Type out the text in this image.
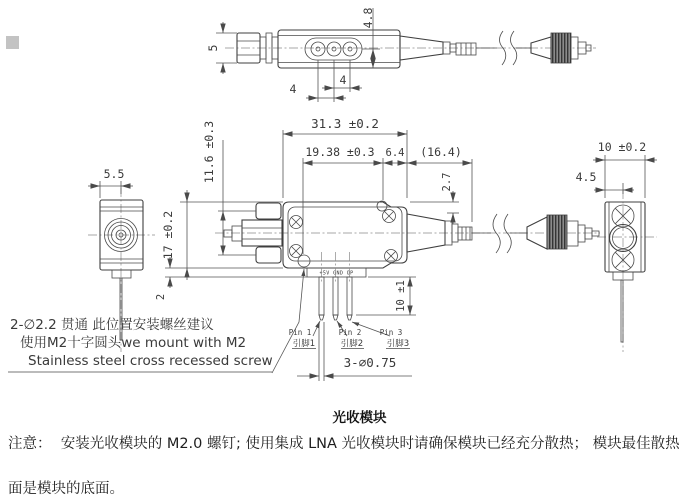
5
4.8
4
4
+5V GND OP
31.3 ±0.2
19.38 ±0.3 6.4 (16.4)
2.7
11.6 ±0.3
17 ±0.2
2	10 ±1
3-∅0.75
Pin 1
引脚1
Pin 2
引脚2
Pin 3
引脚3
2-∅2.2 贯通 此位置安装螺丝建议
使用M2十字圆头we mount with M2
Stainless steel cross recessed screw
5.5
10 ±0.2
4.5
光收模块
注意：  安装光收模块的 M2.0 螺钉; 使用集成 LNA 光收模块时请确保模块已经充分散热； 模块最佳散热
面是模块的底面。
